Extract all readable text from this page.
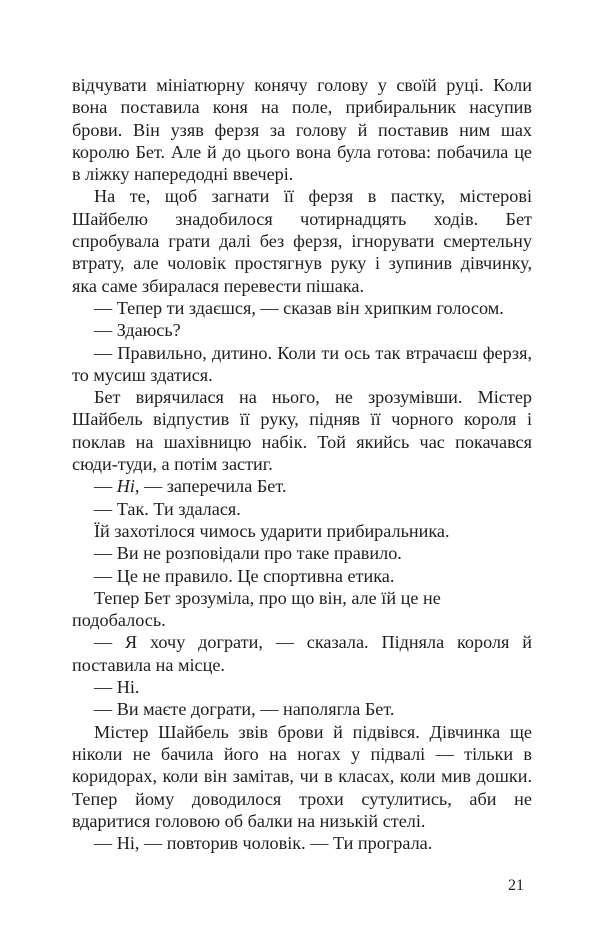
відчувати мініатюрну конячу голову у своїй руці. Коли вона поставила коня на поле, прибиральник насупив брови. Він узяв ферзя за голову й поставив ним шах королю Бет. Але й до цього вона була готова: побачила це в ліжку напередодні ввечері.

На те, щоб загнати її ферзя в пастку, містерові Шайбелю знадобилося чотирнадцять ходів. Бет спробувала грати далі без ферзя, ігнорувати смертельну втрату, але чоловік простягнув руку і зупинив дівчинку, яка саме збиралася перевести пішака.

— Тепер ти здаєшся, — сказав він хрипким голосом.

— Здаюсь?

— Правильно, дитино. Коли ти ось так втрачаєш ферзя, то мусиш здатися.

Бет вирячилася на нього, не зрозумівши. Містер Шайбель відпустив її руку, підняв її чорного короля і поклав на шахівницю набік. Той якийсь час покачався сюди-туди, а потім застиг.

— Ні, — заперечила Бет.

— Так. Ти здалася.

Їй захотілося чимось ударити прибиральника.

— Ви не розповідали про таке правило.

— Це не правило. Це спортивна етика.

Тепер Бет зрозуміла, про що він, але їй це не подобалось.

— Я хочу дограти, — сказала. Підняла короля й поставила на місце.

— Ні.

— Ви маєте дограти, — наполягла Бет.

Містер Шайбель звів брови й підвівся. Дівчинка ще ніколи не бачила його на ногах у підвалі — тільки в коридорах, коли він замітав, чи в класах, коли мив дошки. Тепер йому доводилося трохи сутулитись, аби не вдаритися головою об балки на низькій стелі.

— Ні, — повторив чоловік. — Ти програла.

21
